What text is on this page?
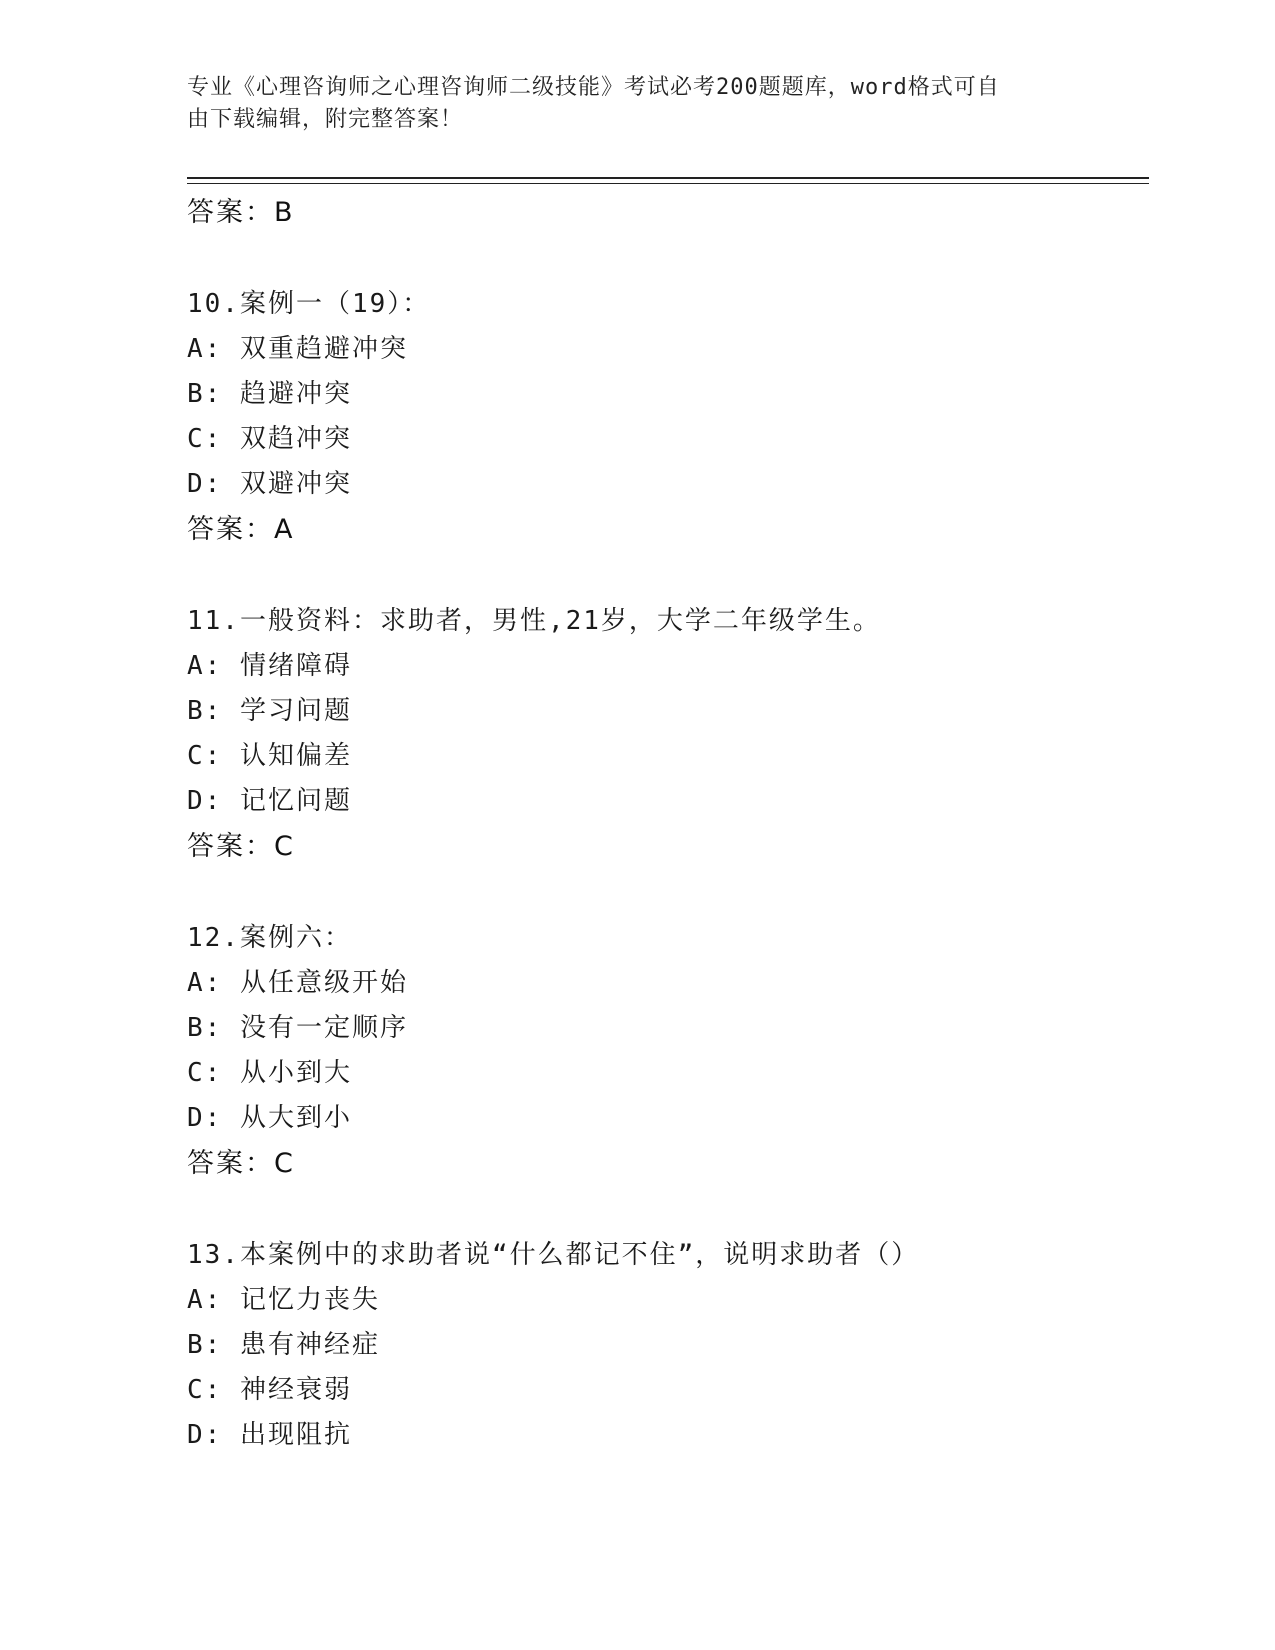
专业《心理咨询师之心理咨询师二级技能》考试必考200题题库，word格式可自
由下载编辑，附完整答案！
答案：B
10.案例一（19）：
A: 双重趋避冲突
B: 趋避冲突
C: 双趋冲突
D: 双避冲突
答案：A
11.一般资料：求助者，男性,21岁，大学二年级学生。
A: 情绪障碍
B: 学习问题
C: 认知偏差
D: 记忆问题
答案：C
12.案例六：
A: 从任意级开始
B: 没有一定顺序
C: 从小到大
D: 从大到小
答案：C
13.本案例中的求助者说“什么都记不住”，说明求助者（）
A: 记忆力丧失
B: 患有神经症
C: 神经衰弱
D: 出现阻抗
